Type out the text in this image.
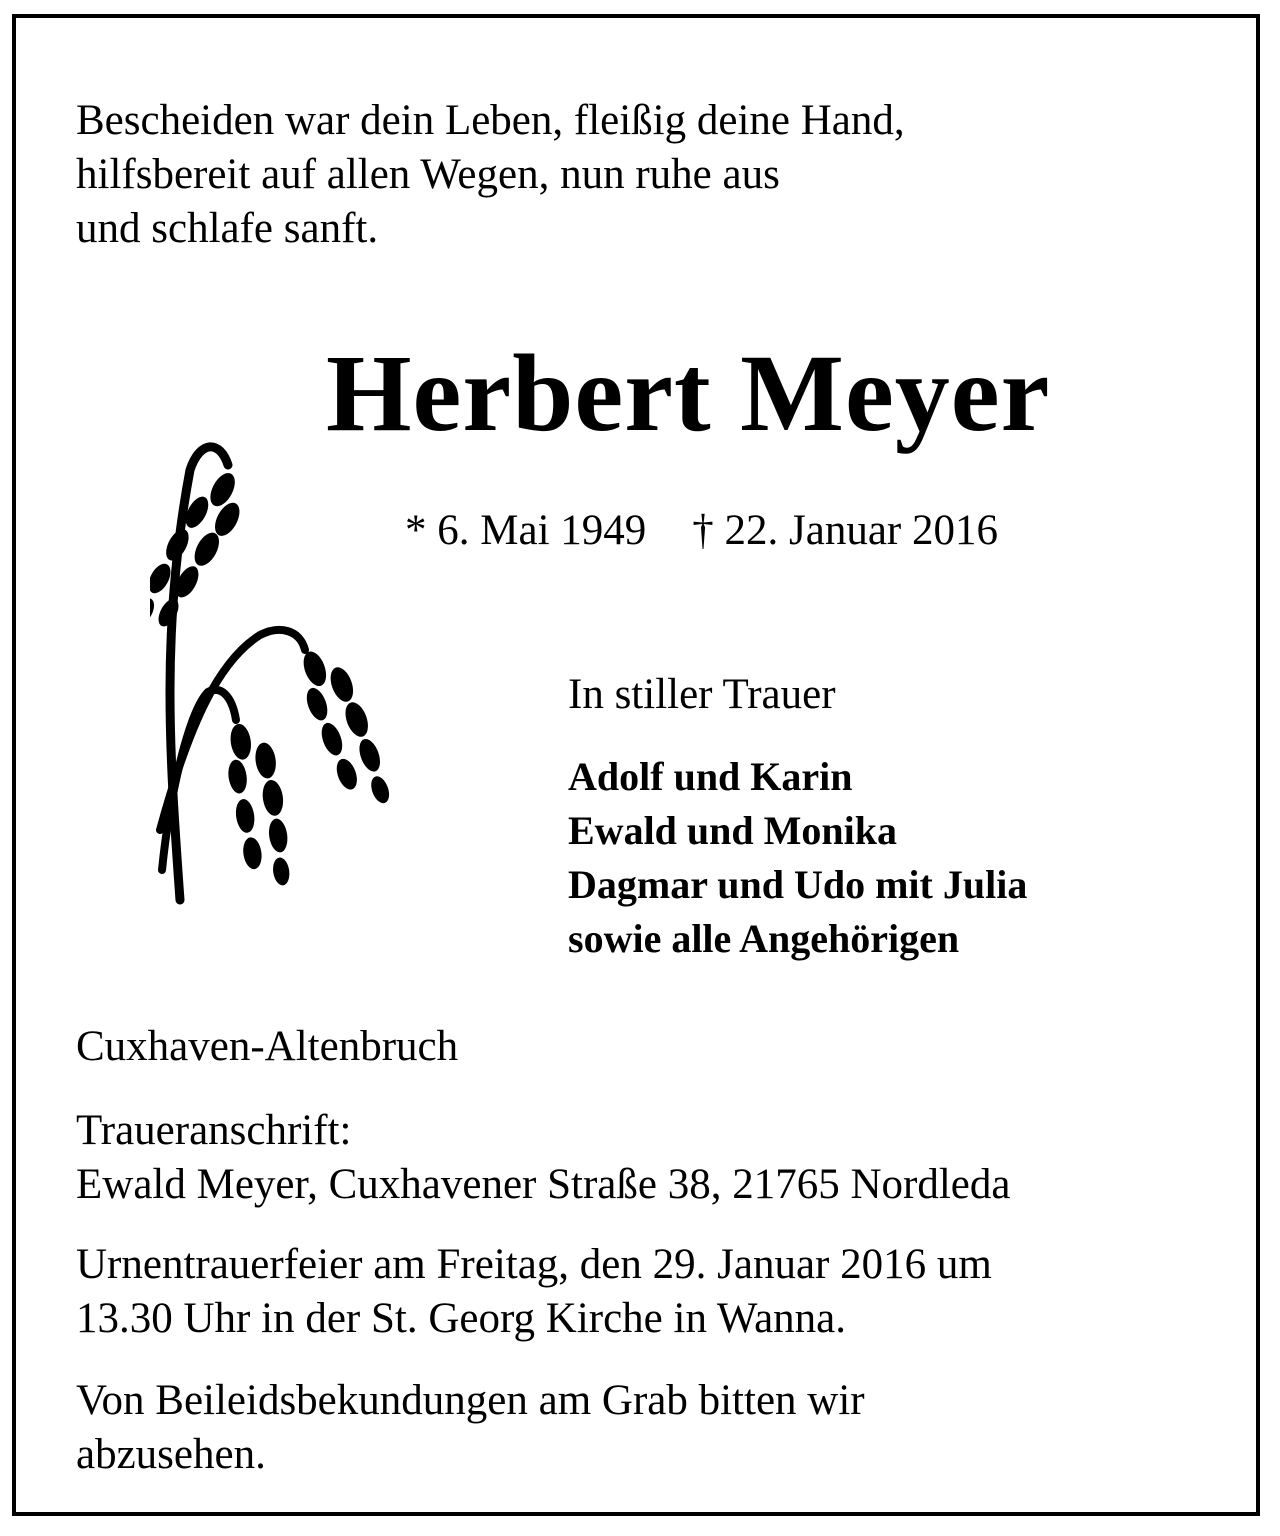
Bescheiden war dein Leben, fleißig deine Hand,
hilfsbereit auf allen Wegen, nun ruhe aus
und schlafe sanft.
Herbert Meyer
* 6. Mai 1949 † 22. Januar 2016
In stiller Trauer
Adolf und Karin
Ewald und Monika
Dagmar und Udo mit Julia
sowie alle Angehörigen
Cuxhaven-Altenbruch
Traueranschrift:
Ewald Meyer, Cuxhavener Straße 38, 21765 Nordleda
Urnentrauerfeier am Freitag, den 29. Januar 2016 um
13.30 Uhr in der St. Georg Kirche in Wanna.
Von Beileidsbekundungen am Grab bitten wir
abzusehen.
